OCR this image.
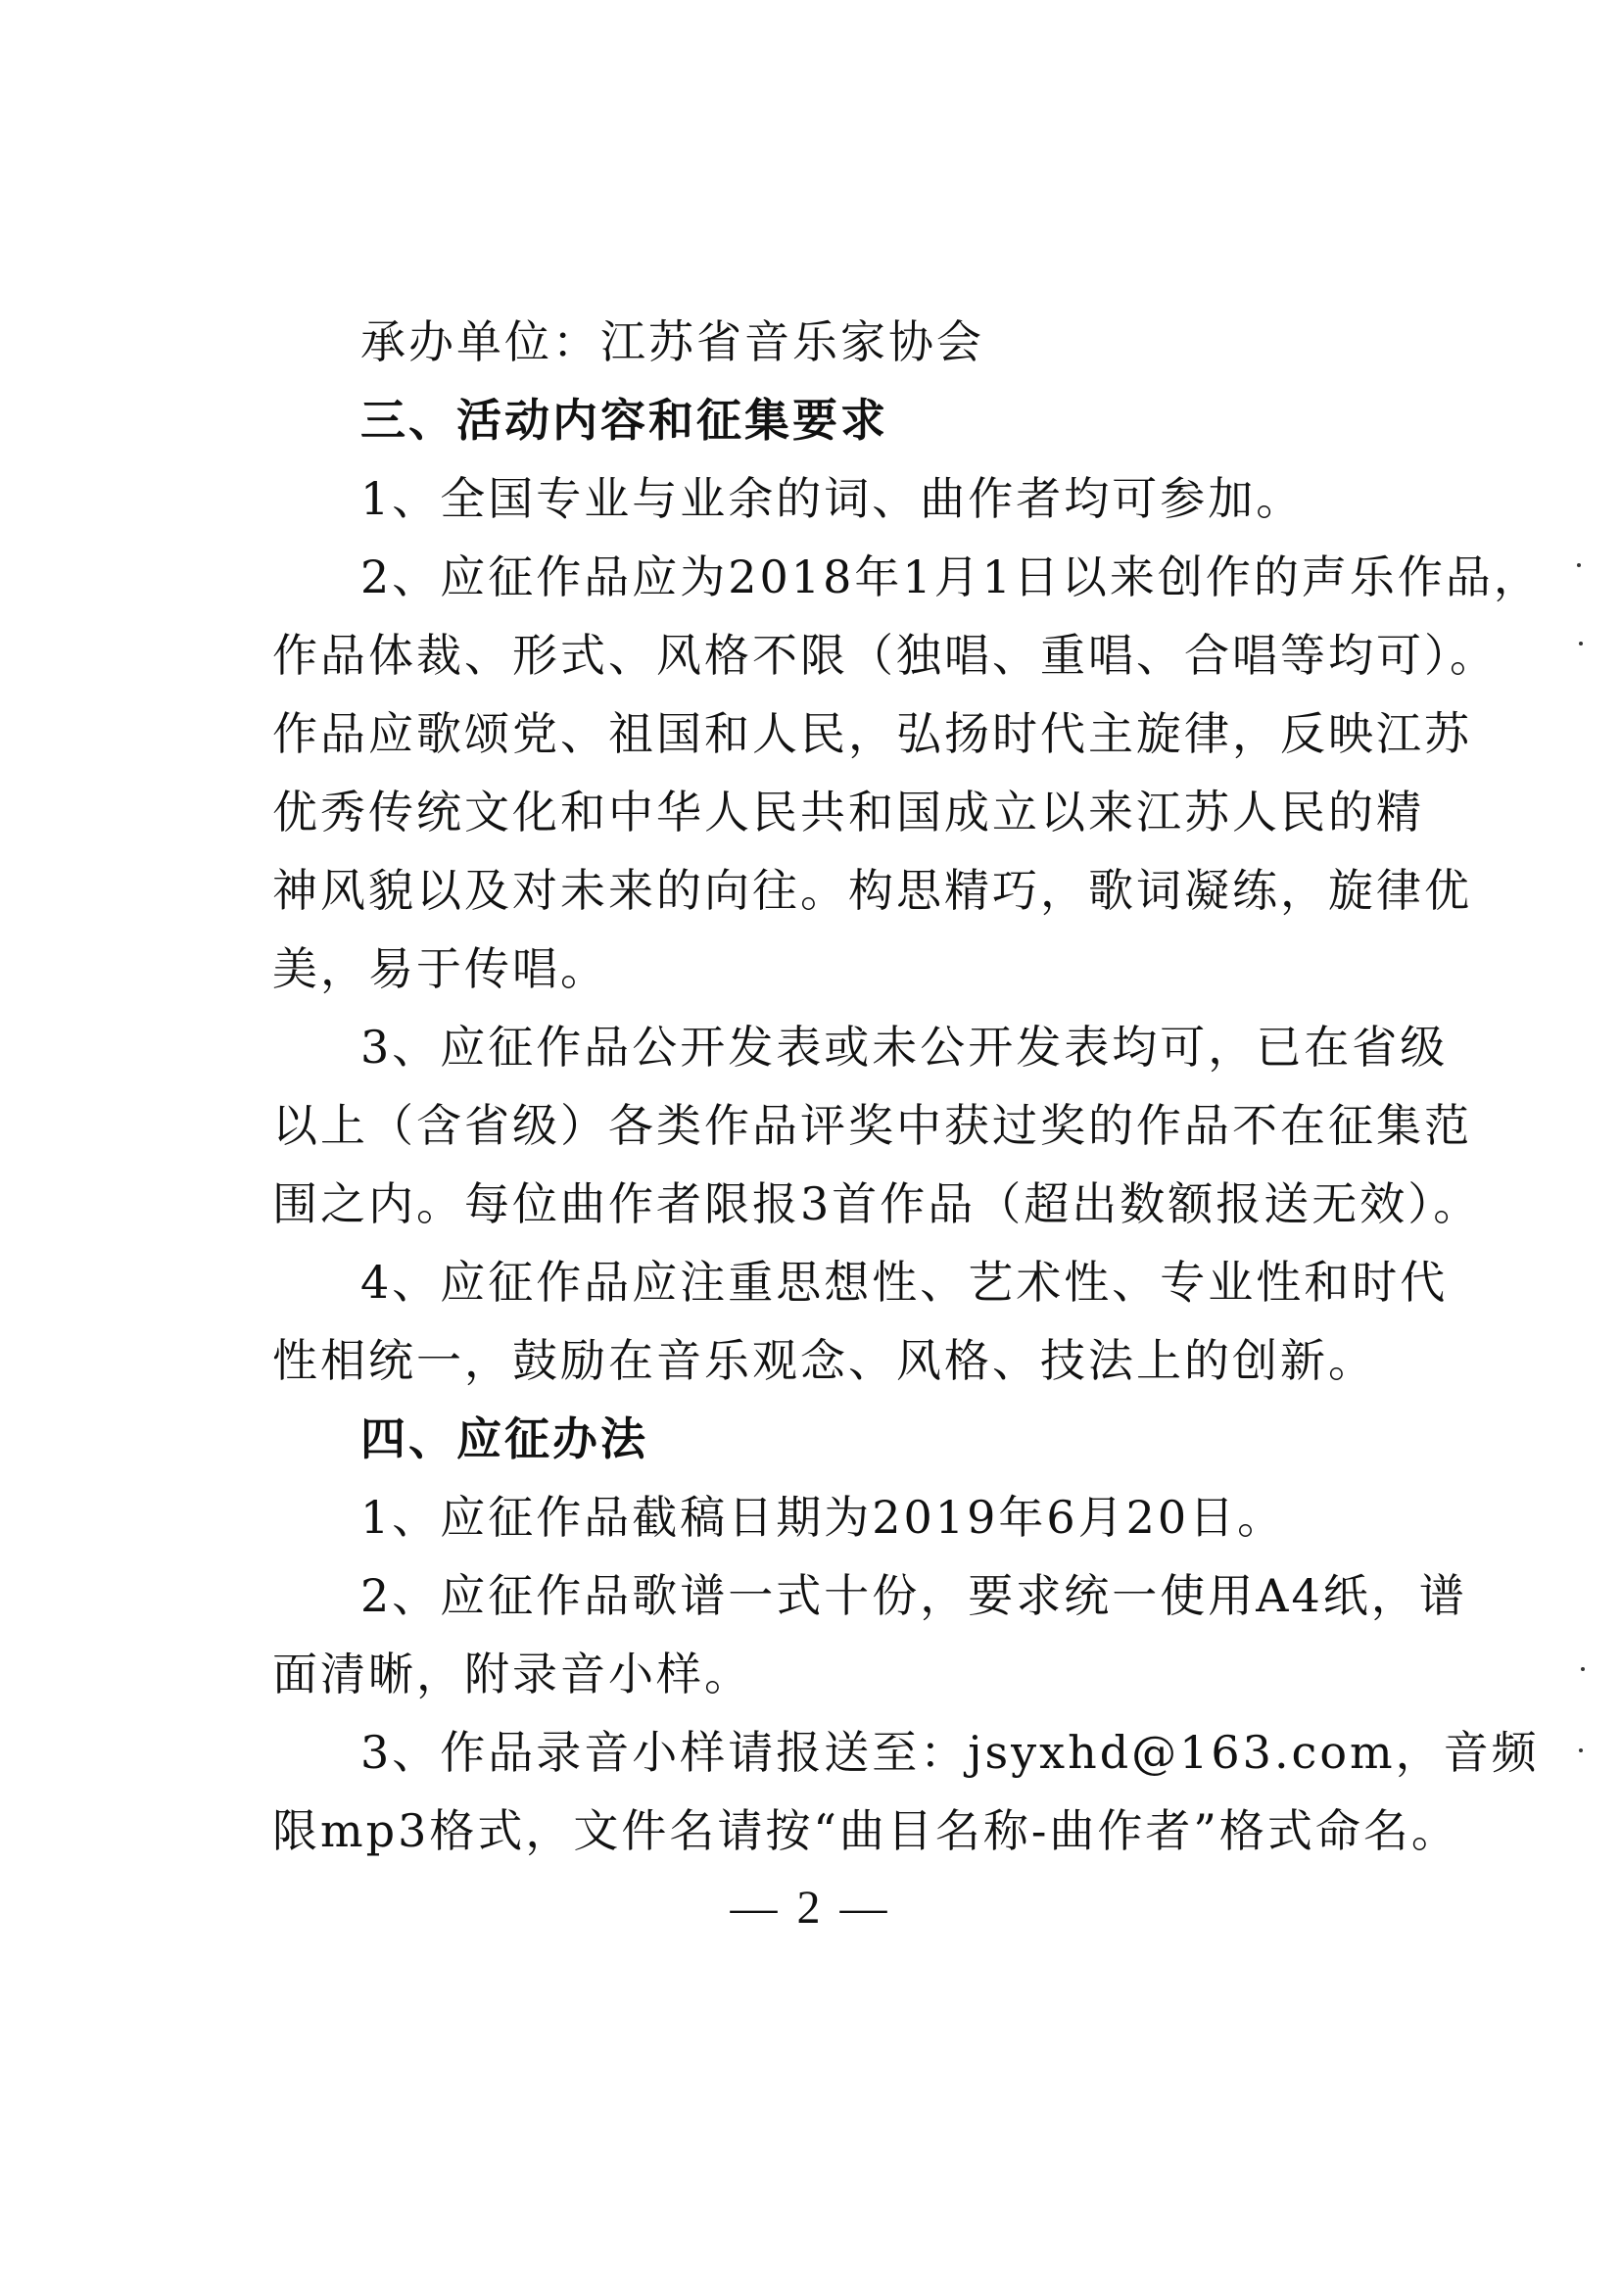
承办单位：江苏省音乐家协会
三、活动内容和征集要求
1、全国专业与业余的词、曲作者均可参加。
2、应征作品应为2018年1月1日以来创作的声乐作品，
作品体裁、形式、风格不限（独唱、重唱、合唱等均可）。
作品应歌颂党、祖国和人民，弘扬时代主旋律，反映江苏
优秀传统文化和中华人民共和国成立以来江苏人民的精
神风貌以及对未来的向往。构思精巧，歌词凝练，旋律优
美，易于传唱。
3、应征作品公开发表或未公开发表均可，已在省级
以上（含省级）各类作品评奖中获过奖的作品不在征集范
围之内。每位曲作者限报3首作品（超出数额报送无效）。
4、应征作品应注重思想性、艺术性、专业性和时代
性相统一，鼓励在音乐观念、风格、技法上的创新。
四、应征办法
1、应征作品截稿日期为2019年6月20日。
2、应征作品歌谱一式十份，要求统一使用A4纸，谱
面清晰，附录音小样。
3、作品录音小样请报送至：jsyxhd@163.com，音频
限mp3格式，文件名请按“曲目名称-曲作者”格式命名。
— 2 —
